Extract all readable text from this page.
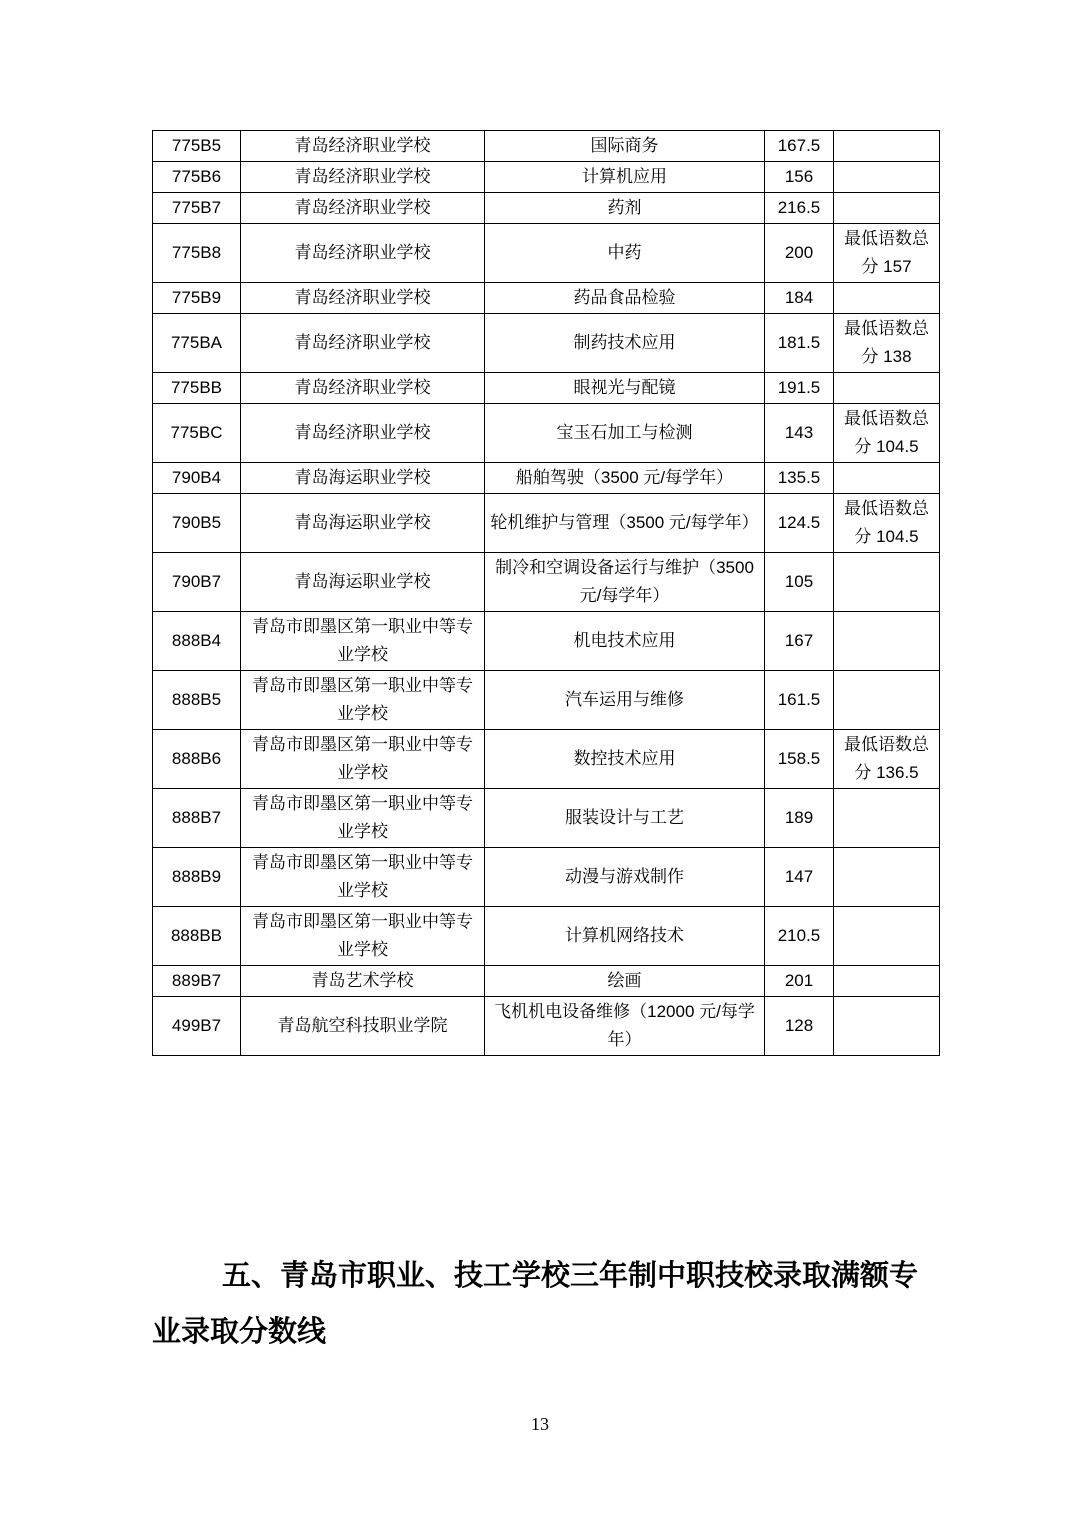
775B5	青岛经济职业学校	国际商务	167.5	
775B6	青岛经济职业学校	计算机应用	156	
775B7	青岛经济职业学校	药剂	216.5	
775B8	青岛经济职业学校	中药	200	最低语数总分 157
775B9	青岛经济职业学校	药品食品检验	184	
775BA	青岛经济职业学校	制药技术应用	181.5	最低语数总分 138
775BB	青岛经济职业学校	眼视光与配镜	191.5	
775BC	青岛经济职业学校	宝玉石加工与检测	143	最低语数总分 104.5
790B4	青岛海运职业学校	船舶驾驶（3500 元/每学年）	135.5	
790B5	青岛海运职业学校	轮机维护与管理（3500 元/每学年）	124.5	最低语数总分 104.5
790B7	青岛海运职业学校	制冷和空调设备运行与维护（3500 元/每学年）	105	
888B4	青岛市即墨区第一职业中等专业学校	机电技术应用	167	
888B5	青岛市即墨区第一职业中等专业学校	汽车运用与维修	161.5	
888B6	青岛市即墨区第一职业中等专业学校	数控技术应用	158.5	最低语数总分 136.5
888B7	青岛市即墨区第一职业中等专业学校	服装设计与工艺	189	
888B9	青岛市即墨区第一职业中等专业学校	动漫与游戏制作	147	
888BB	青岛市即墨区第一职业中等专业学校	计算机网络技术	210.5	
889B7	青岛艺术学校	绘画	201	
499B7	青岛航空科技职业学院	飞机机电设备维修（12000 元/每学年）	128	
五、青岛市职业、技工学校三年制中职技校录取满额专业录取分数线
13
